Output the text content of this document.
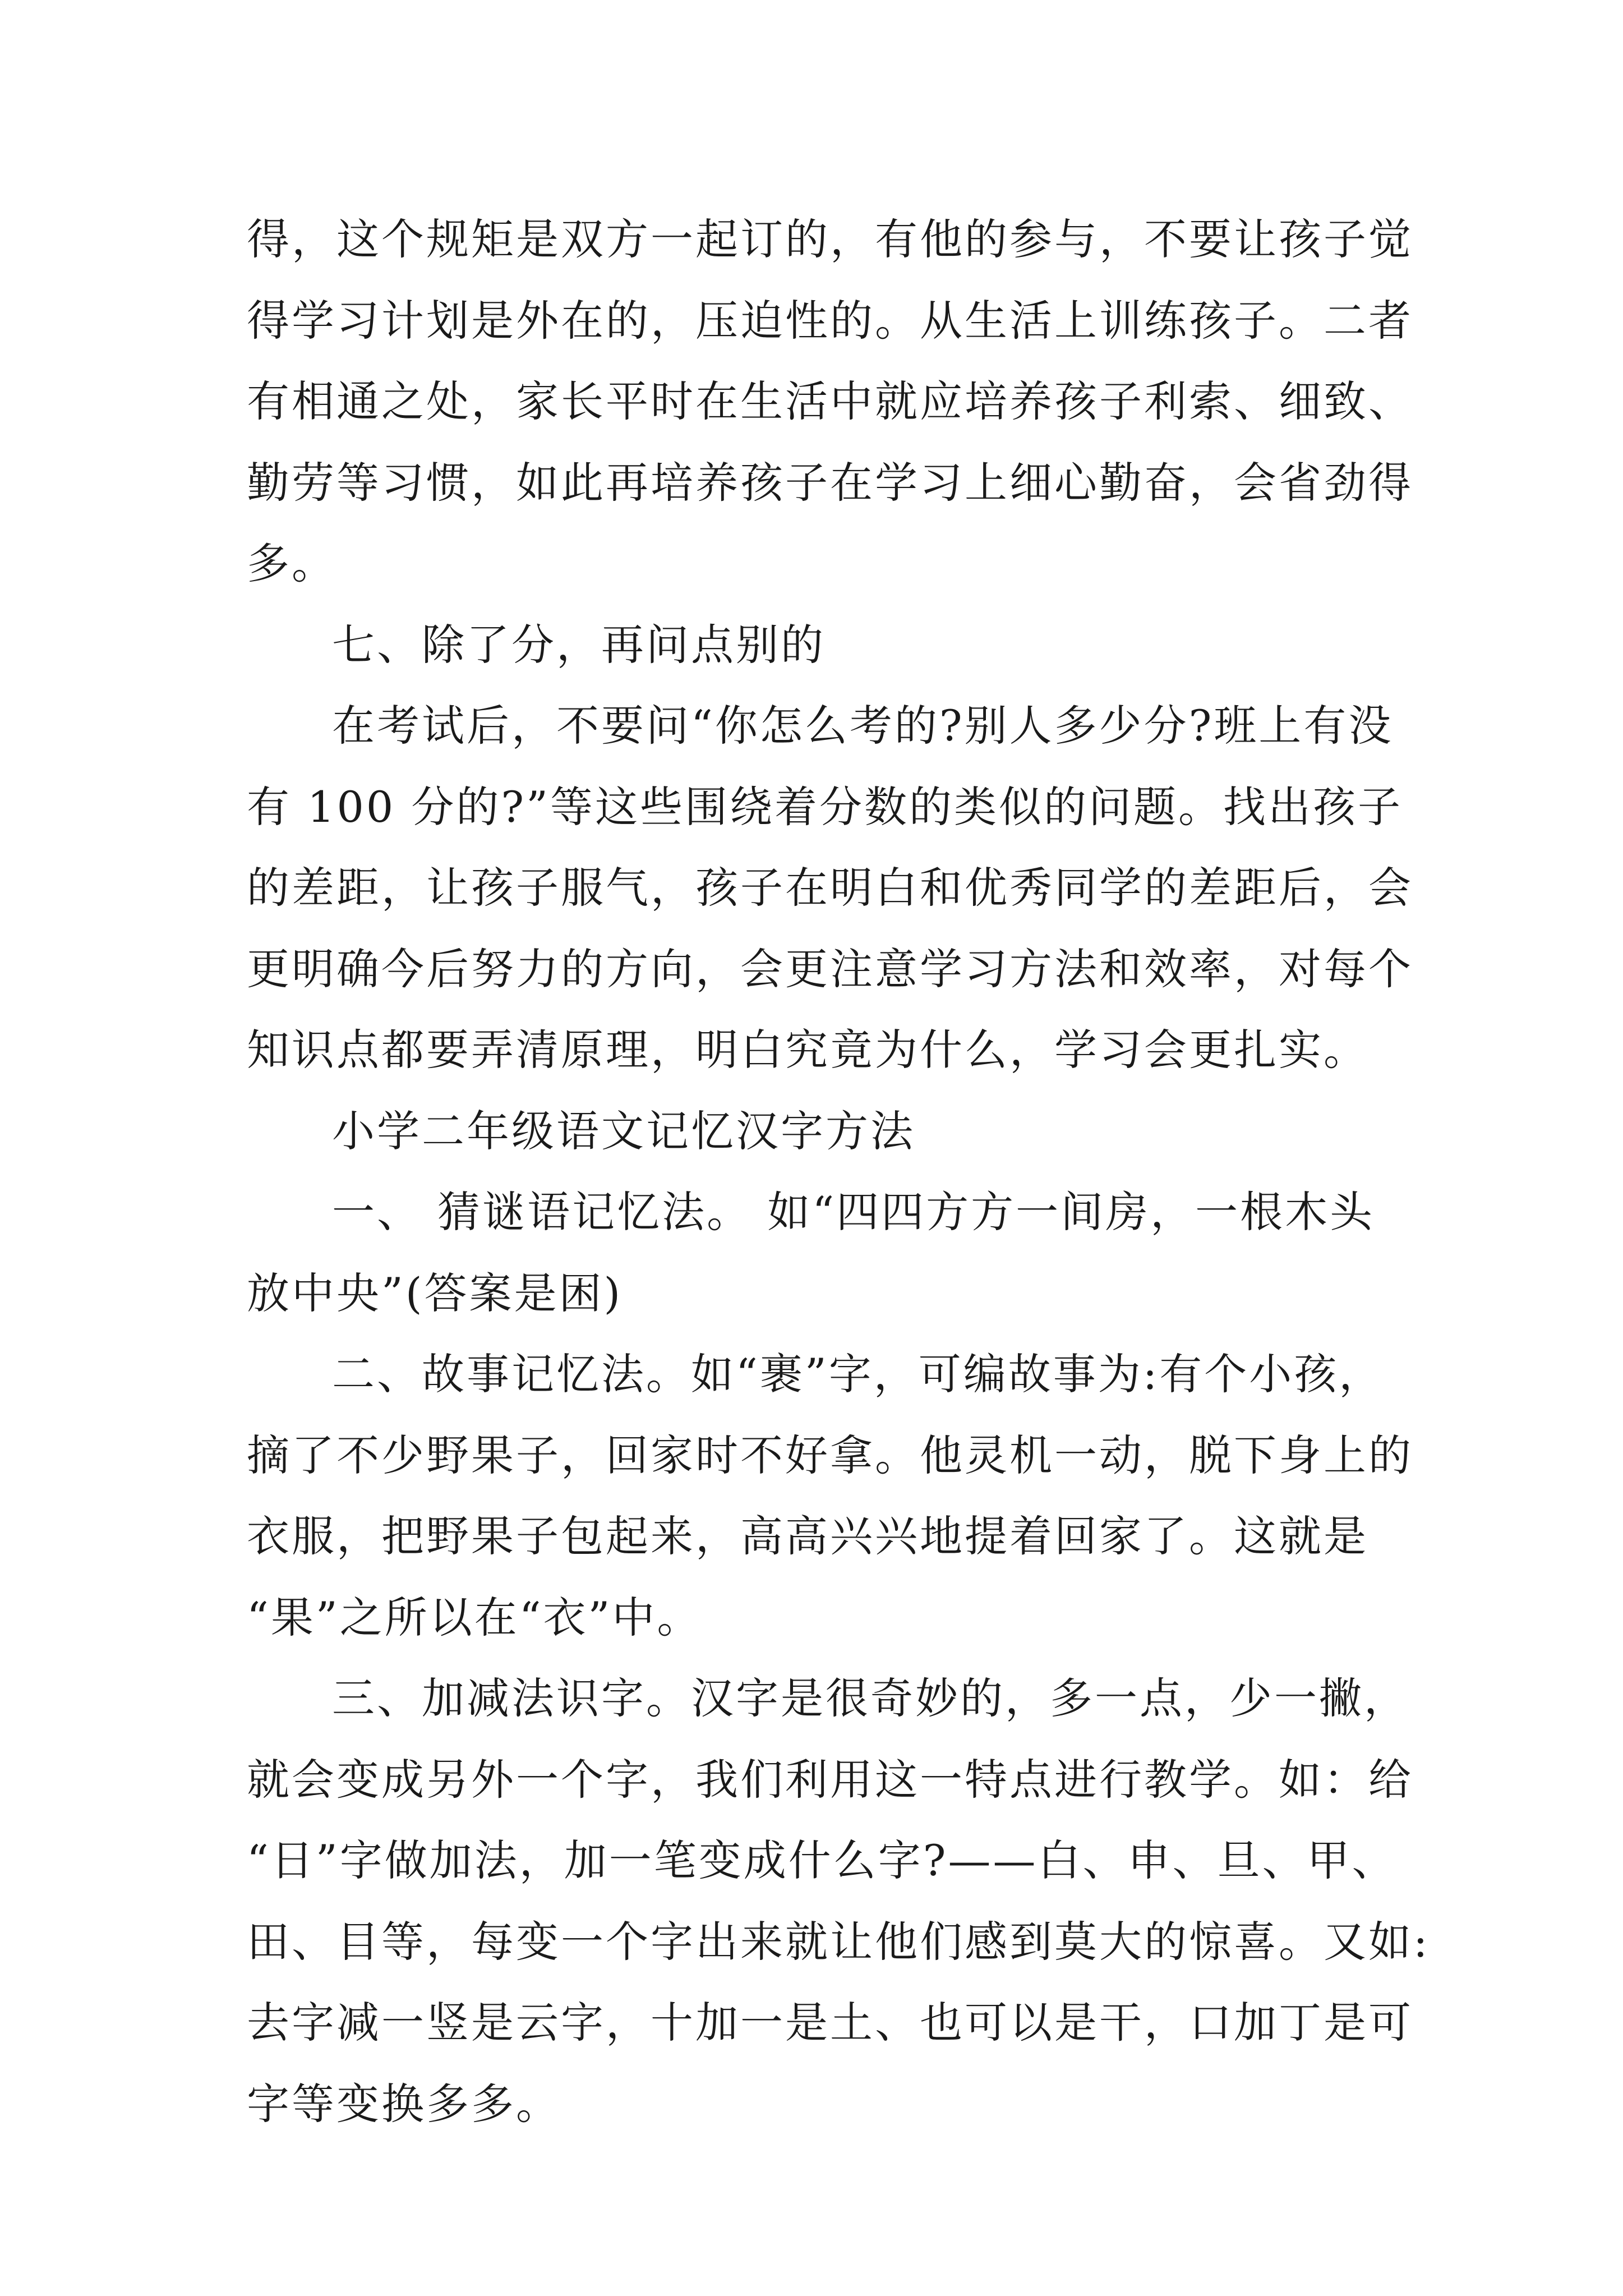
得，这个规矩是双方一起订的，有他的参与，不要让孩子觉
得学习计划是外在的，压迫性的。从生活上训练孩子。二者
有相通之处，家长平时在生活中就应培养孩子利索、细致、
勤劳等习惯，如此再培养孩子在学习上细心勤奋，会省劲得
多。

七、除了分，再问点别的

在考试后，不要问“你怎么考的?别人多少分?班上有没
有 100 分的?”等这些围绕着分数的类似的问题。找出孩子
的差距，让孩子服气，孩子在明白和优秀同学的差距后，会
更明确今后努力的方向，会更注意学习方法和效率，对每个
知识点都要弄清原理，明白究竟为什么，学习会更扎实。

小学二年级语文记忆汉字方法

一、 猜谜语记忆法。 如“四四方方一间房，一根木头
放中央”(答案是困)

二、故事记忆法。如“裹”字，可编故事为:有个小孩，
摘了不少野果子，回家时不好拿。他灵机一动，脱下身上的
衣服，把野果子包起来，高高兴兴地提着回家了。这就是
“果”之所以在“衣”中。

三、加减法识字。汉字是很奇妙的，多一点，少一撇，
就会变成另外一个字，我们利用这一特点进行教学。如：给
“日”字做加法，加一笔变成什么字?——白、申、旦、甲、
田、目等，每变一个字出来就让他们感到莫大的惊喜。又如:
去字减一竖是云字，十加一是土、也可以是干，口加丁是可
字等变换多多。
